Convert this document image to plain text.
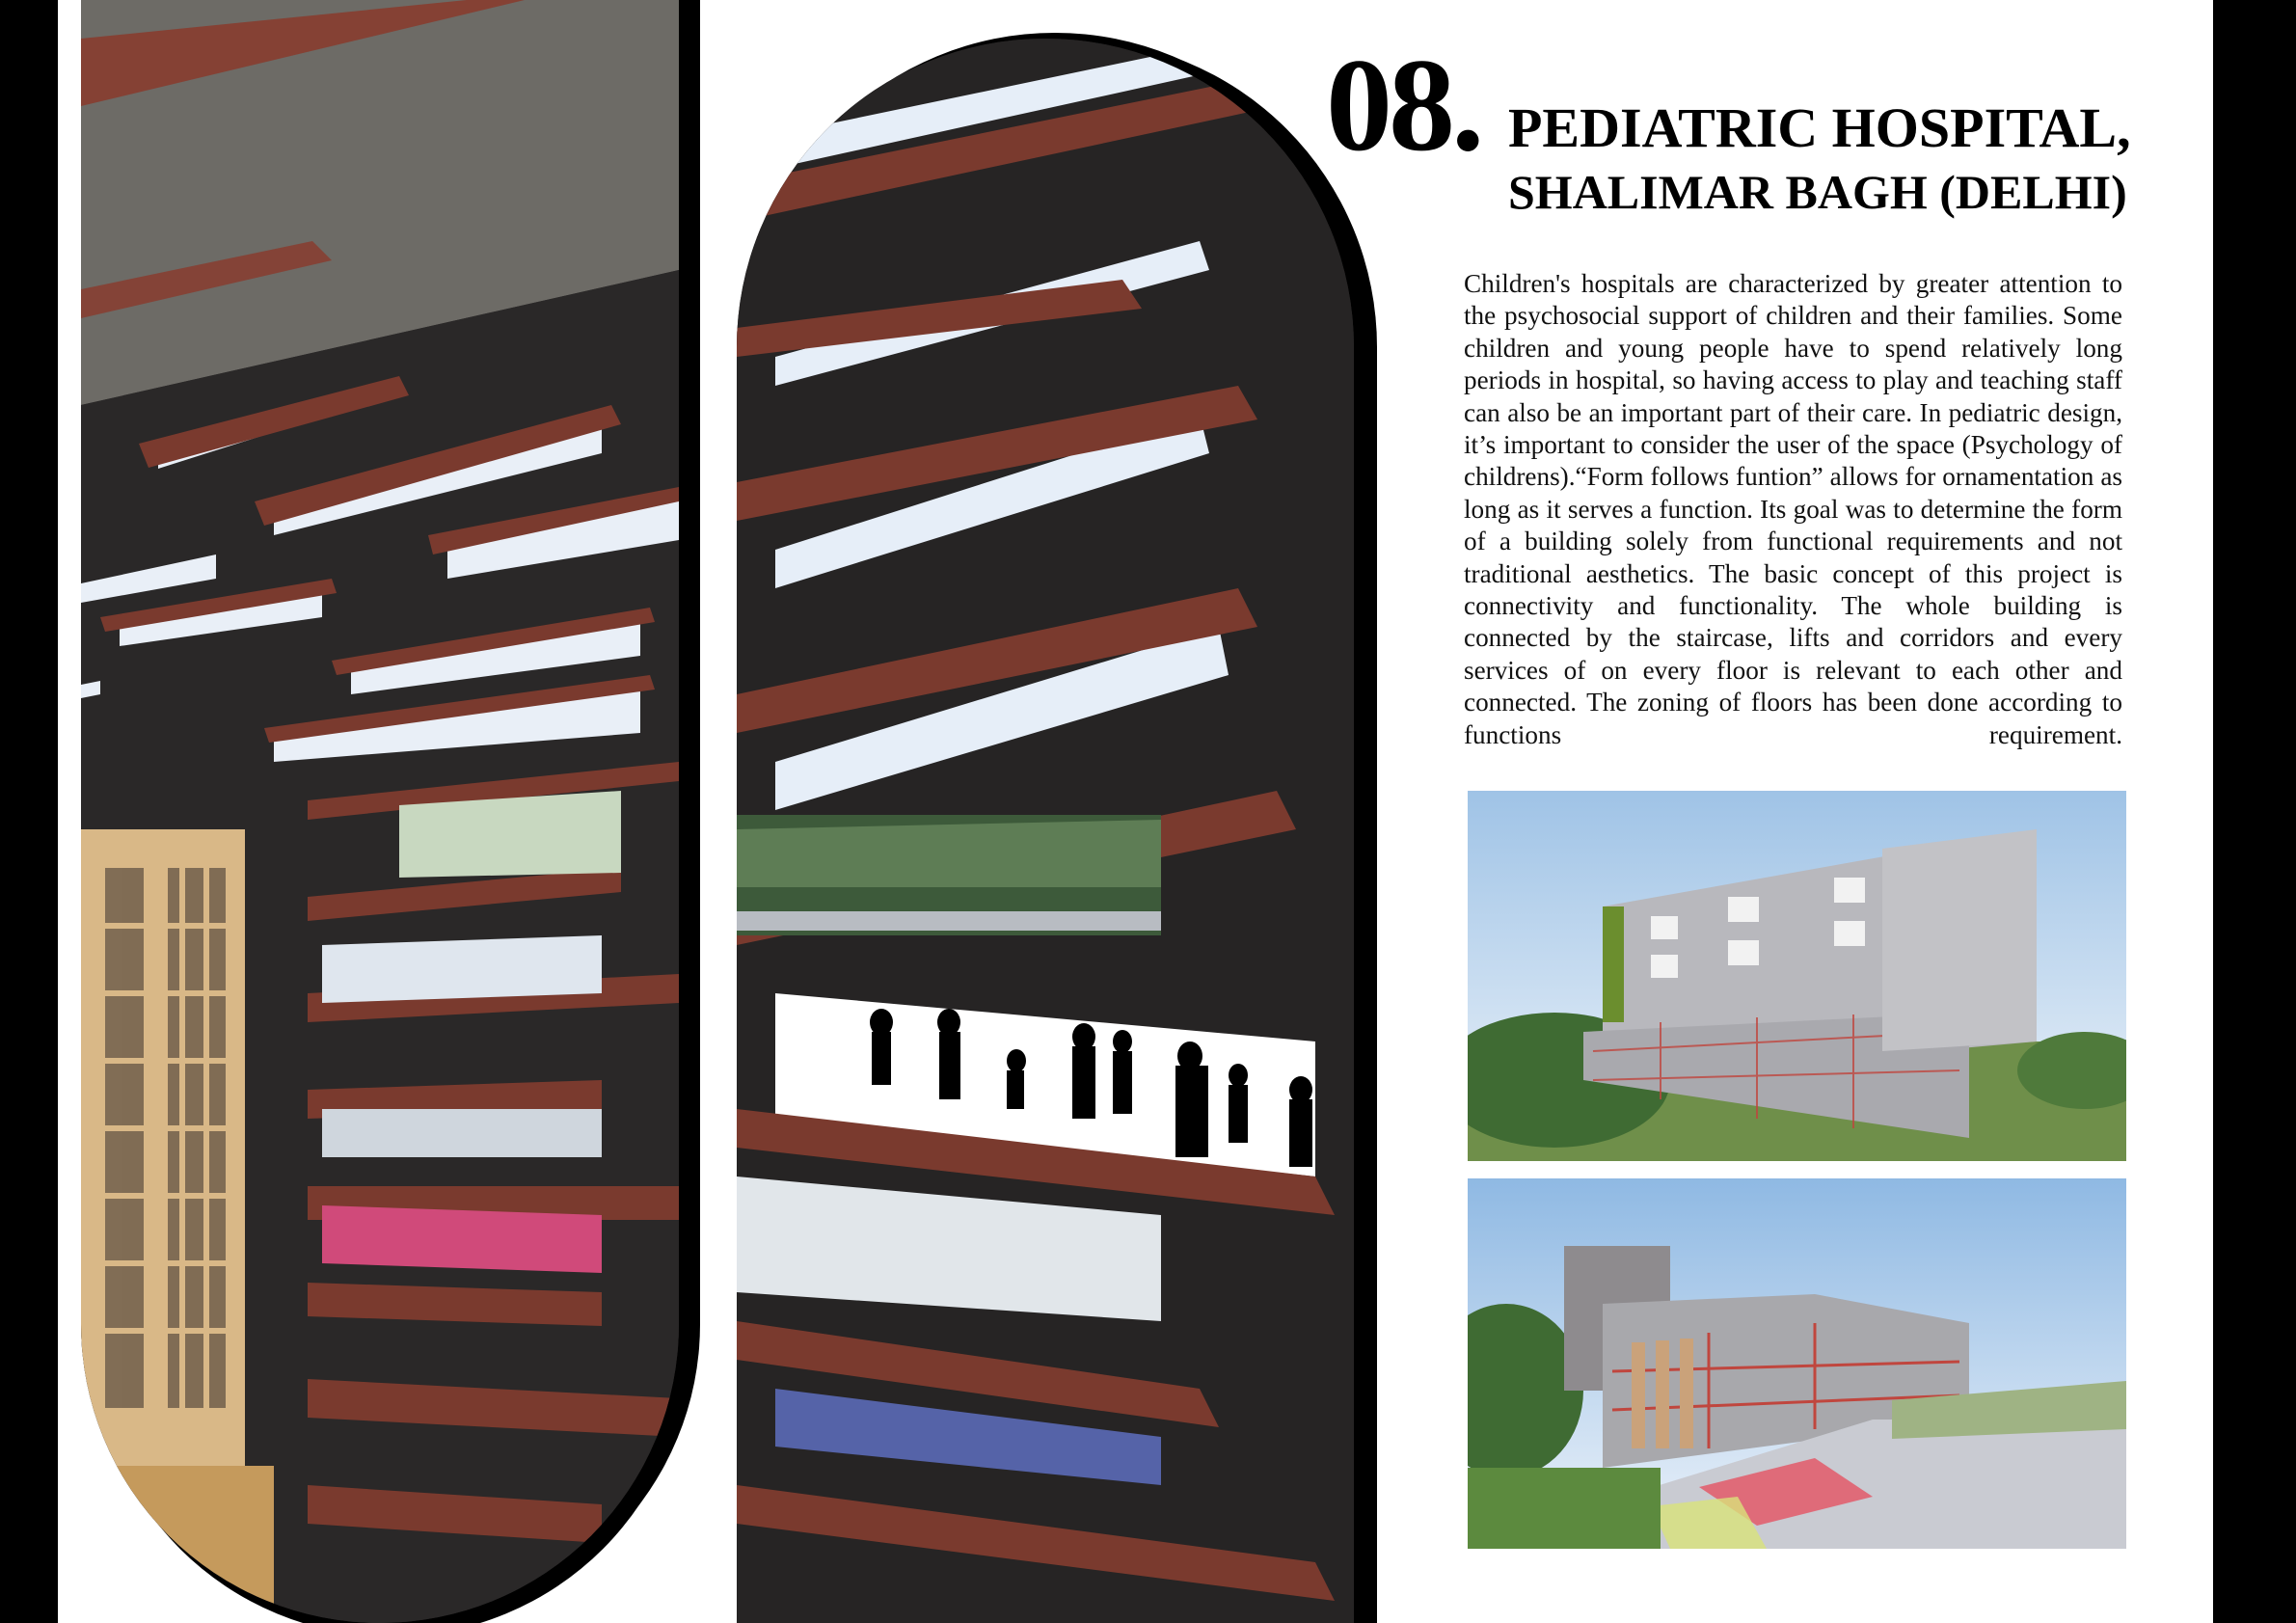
08. PEDIATRIC HOSPITAL,
SHALIMAR BAGH (DELHI)
Children's hospitals are characterized by greater attention to the psychosocial support of children and their families. Some children and young people have to spend relatively long periods in hospital, so having access to play and teaching staff can also be an important part of their care. In pediatric design, it’s important to consider the user of the space (Psychology of childrens).“Form follows funtion” allows for ornamentation as long as it serves a function. Its goal was to determine the form of a building solely from functional requirements and not traditional aesthetics. The basic concept of this project is connectivity and functionality. The whole building is connected by the staircase, lifts and corridors and every services of on every floor is relevant to each other and connected. The zoning of floors has been done according to functions requirement.
